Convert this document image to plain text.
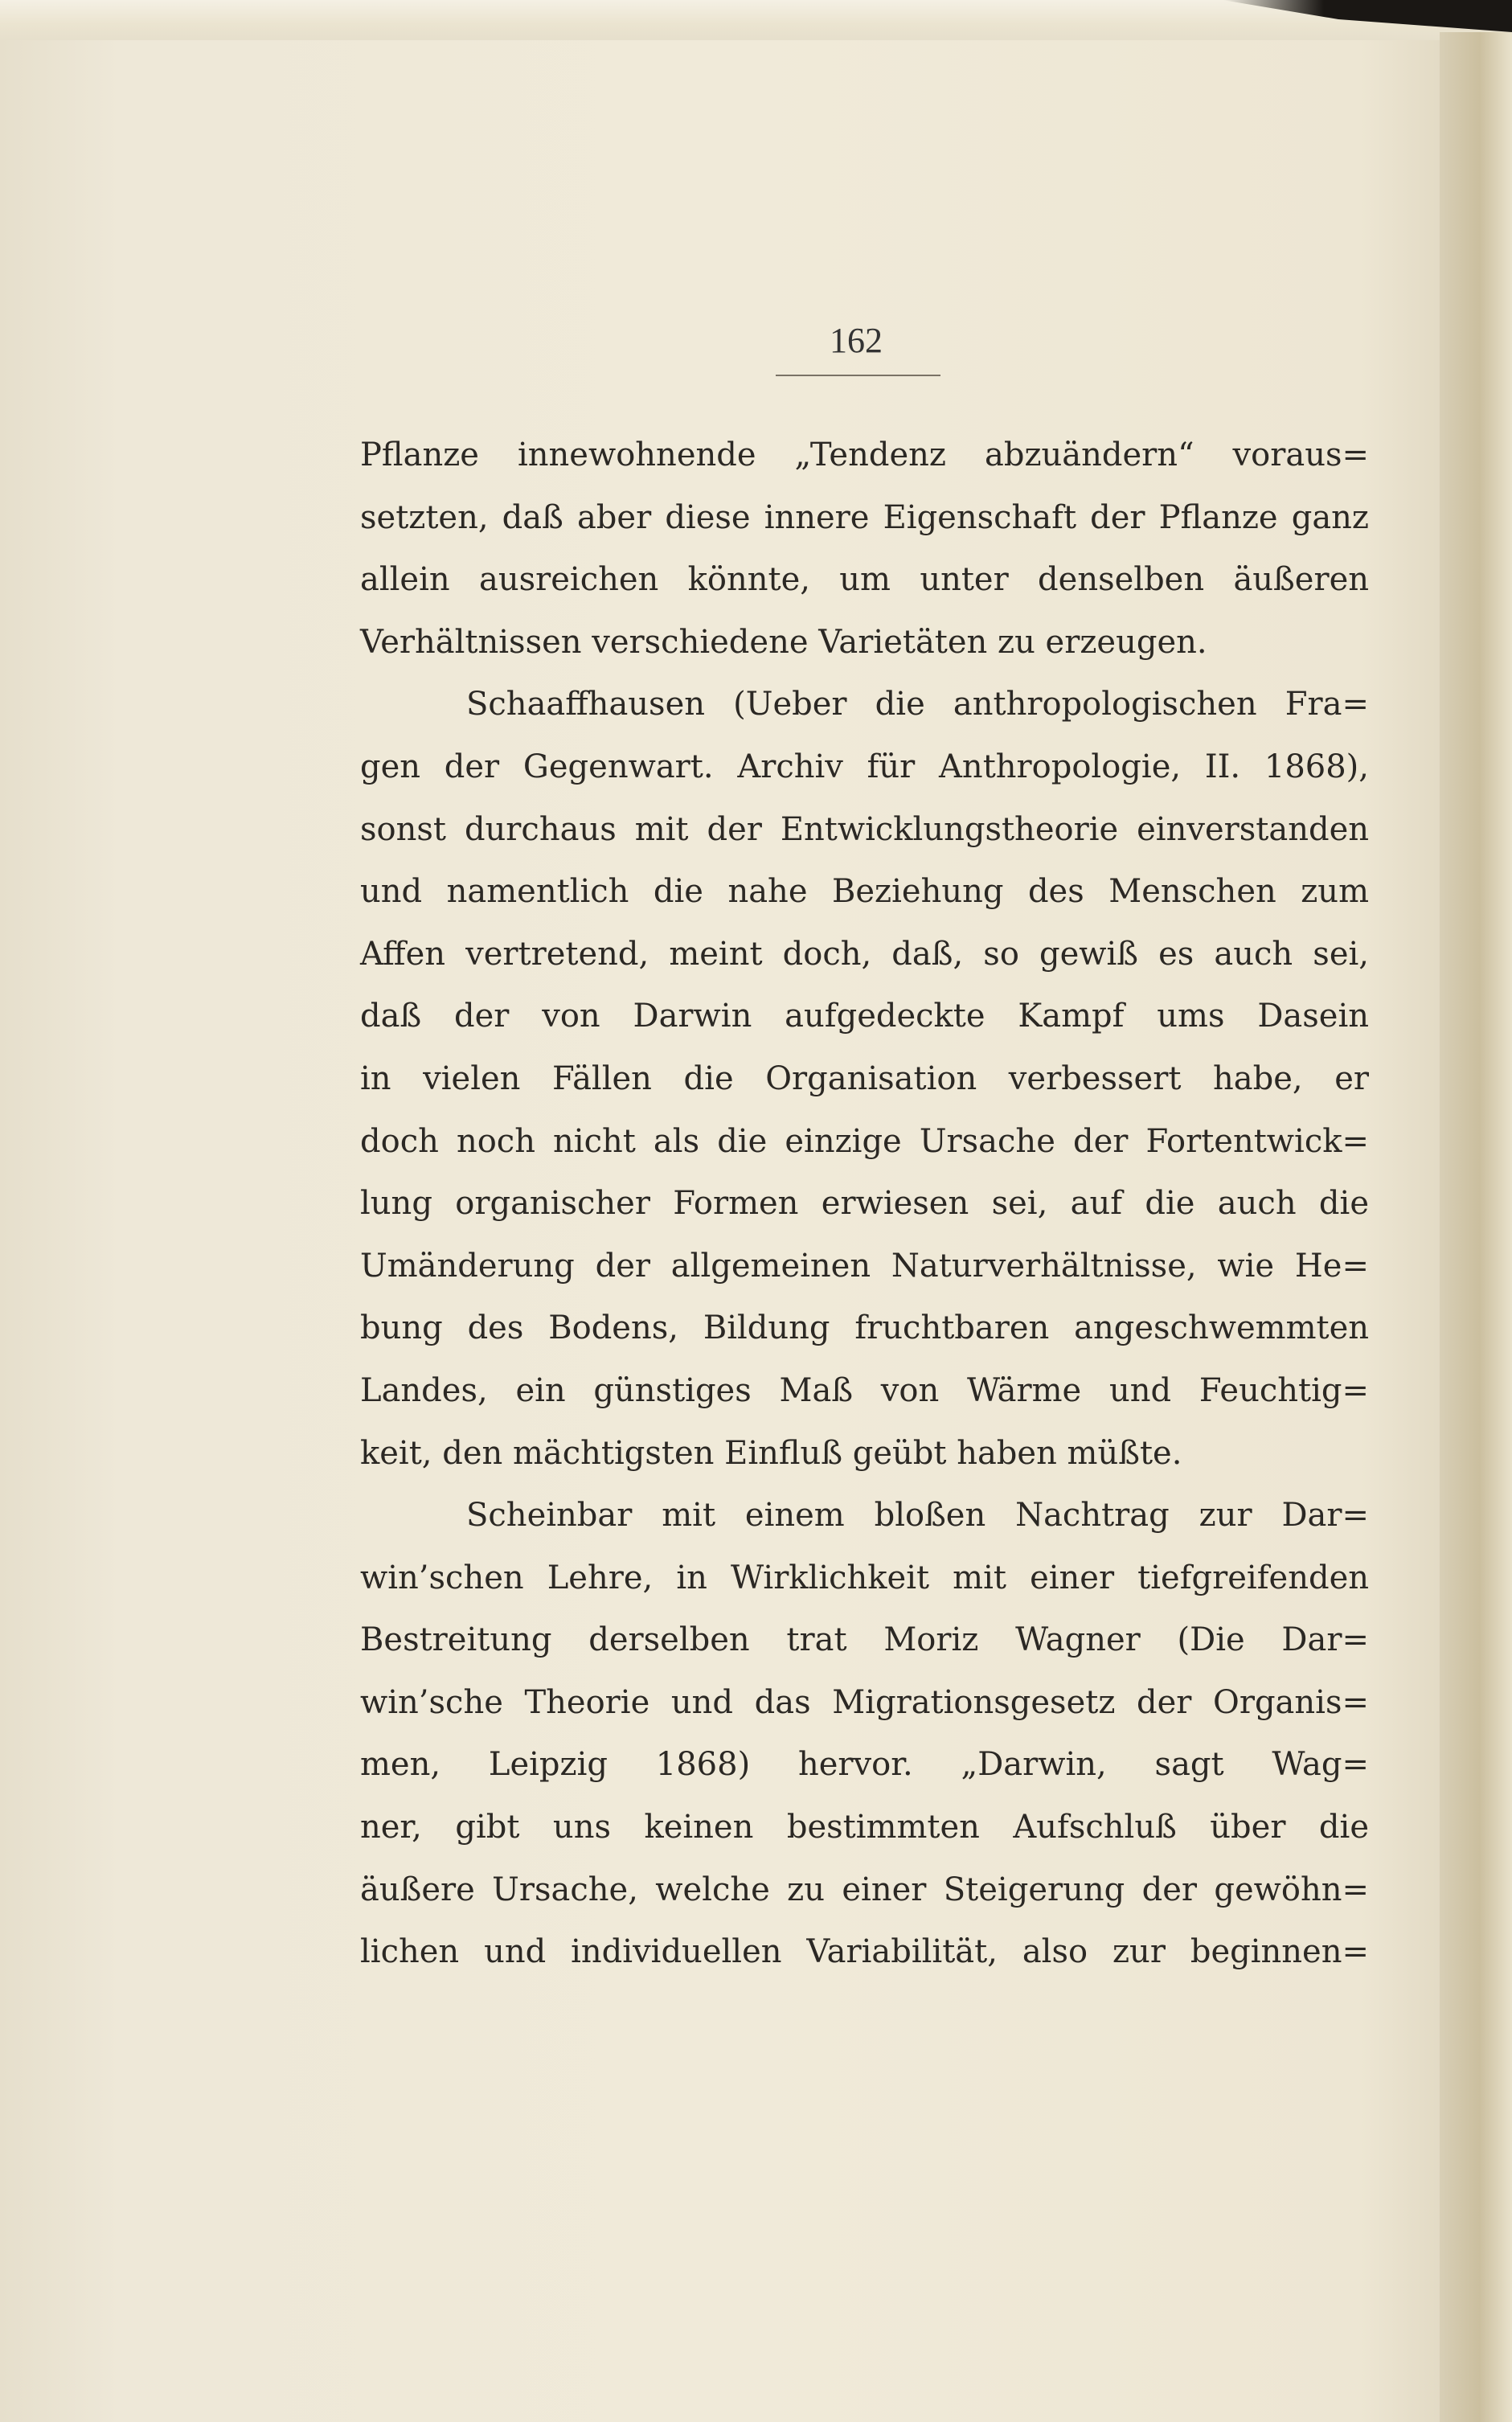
162
Pflanze innewohnende „Tendenz abzuändern“ voraus=
setzten, daß aber diese innere Eigenschaft der Pflanze ganz
allein ausreichen könnte, um unter denselben äußeren
Verhältnissen verschiedene Varietäten zu erzeugen.
Schaaffhausen (Ueber die anthropologischen Fra=
gen der Gegenwart. Archiv für Anthropologie, II. 1868),
sonst durchaus mit der Entwicklungstheorie einverstanden
und namentlich die nahe Beziehung des Menschen zum
Affen vertretend, meint doch, daß, so gewiß es auch sei,
daß der von Darwin aufgedeckte Kampf ums Dasein
in vielen Fällen die Organisation verbessert habe, er
doch noch nicht als die einzige Ursache der Fortentwick=
lung organischer Formen erwiesen sei, auf die auch die
Umänderung der allgemeinen Naturverhältnisse, wie He=
bung des Bodens, Bildung fruchtbaren angeschwemmten
Landes, ein günstiges Maß von Wärme und Feuchtig=
keit, den mächtigsten Einfluß geübt haben müßte.
Scheinbar mit einem bloßen Nachtrag zur Dar=
win’schen Lehre, in Wirklichkeit mit einer tiefgreifenden
Bestreitung derselben trat Moriz Wagner (Die Dar=
win’sche Theorie und das Migrationsgesetz der Organis=
men, Leipzig 1868) hervor. „Darwin, sagt Wag=
ner, gibt uns keinen bestimmten Aufschluß über die
äußere Ursache, welche zu einer Steigerung der gewöhn=
lichen und individuellen Variabilität, also zur beginnen=
